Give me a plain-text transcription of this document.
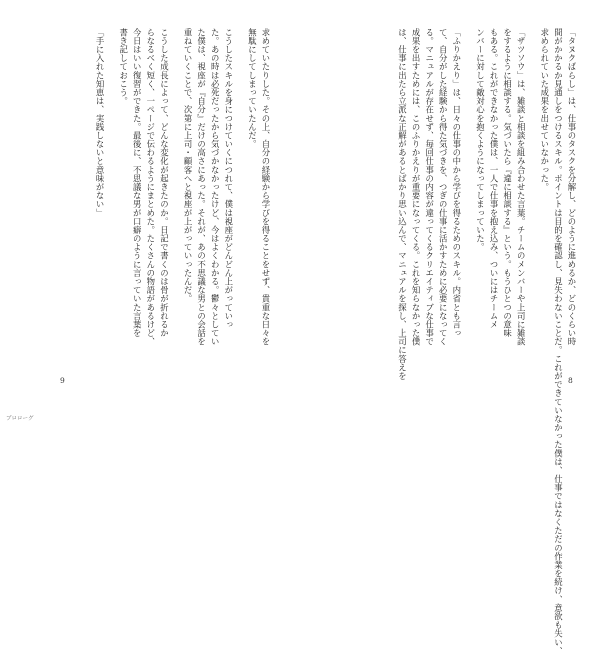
「タヌクばらし」は、仕事のタスクを分解し、どのように進めるか、どのくらい時
間がかかるか見通しをつけるスキル。ポイントは目的を確認し、見失わないことだ。これができていなかった僕は、仕事ではなくただの作業を続け、意欲も失い、
求められていた成果を出せていなかった。
「ザツソウ」は、雑談と相談を組み合わせた言葉。チームのメンバーや上司に雑談
をするように相談する。気づいたら『違に相談する』という。もうひとつの意味
もある。これができなかった僕は、一人で仕事を抱え込み、ついにはチームメ
ンバーに対して敵対心を抱くようになってしまっていた。
「ふりかえり」は、日々の仕事の中から学びを得るためのスキル。内省とも言っ
て、自分がした経験から得た気づきを、つぎの仕事に活かすために必要になってく
る。マニュアルが存在せず、毎回仕事の内容が違ってくるクリエイティブな仕事で
成果を出すためには、このふりかえりが重要になってくる。これを知らなかった僕
は、仕事に出たら立派な正解があるとばかり思い込んで、マニュアルを探し、上司に答えを
8
求めていたりした。その上、自分の経験から学びを得ることをせず、貴重な日々を
無駄にしてしまっていたんだ。
こうしたスキルを身につけていくにつれて、僕は視座がどんどん上がっていっ
た。あの時は必死だったから気づかなかったけど、今はよくわかる。鬱々としてい
た僕は、視座が『自分』だけの高さにあった。それが、あの不思議な男との会話を
重ねていくことで、次第に上司・顧客へと視座が上がっていったんだ。
こうした成長によって、どんな変化が起きたのか。日記で書くのは骨が折れるか
らなるべく短く、一ページで伝わるようにまとめた。たくさんの物語があるけど、
今日はいい復習ができた。最後に、不思議な男が口癖のように言っていた言葉を
書き記しておこう。
「手に入れた知恵は、実践しないと意味がない」
9
プロローグ
